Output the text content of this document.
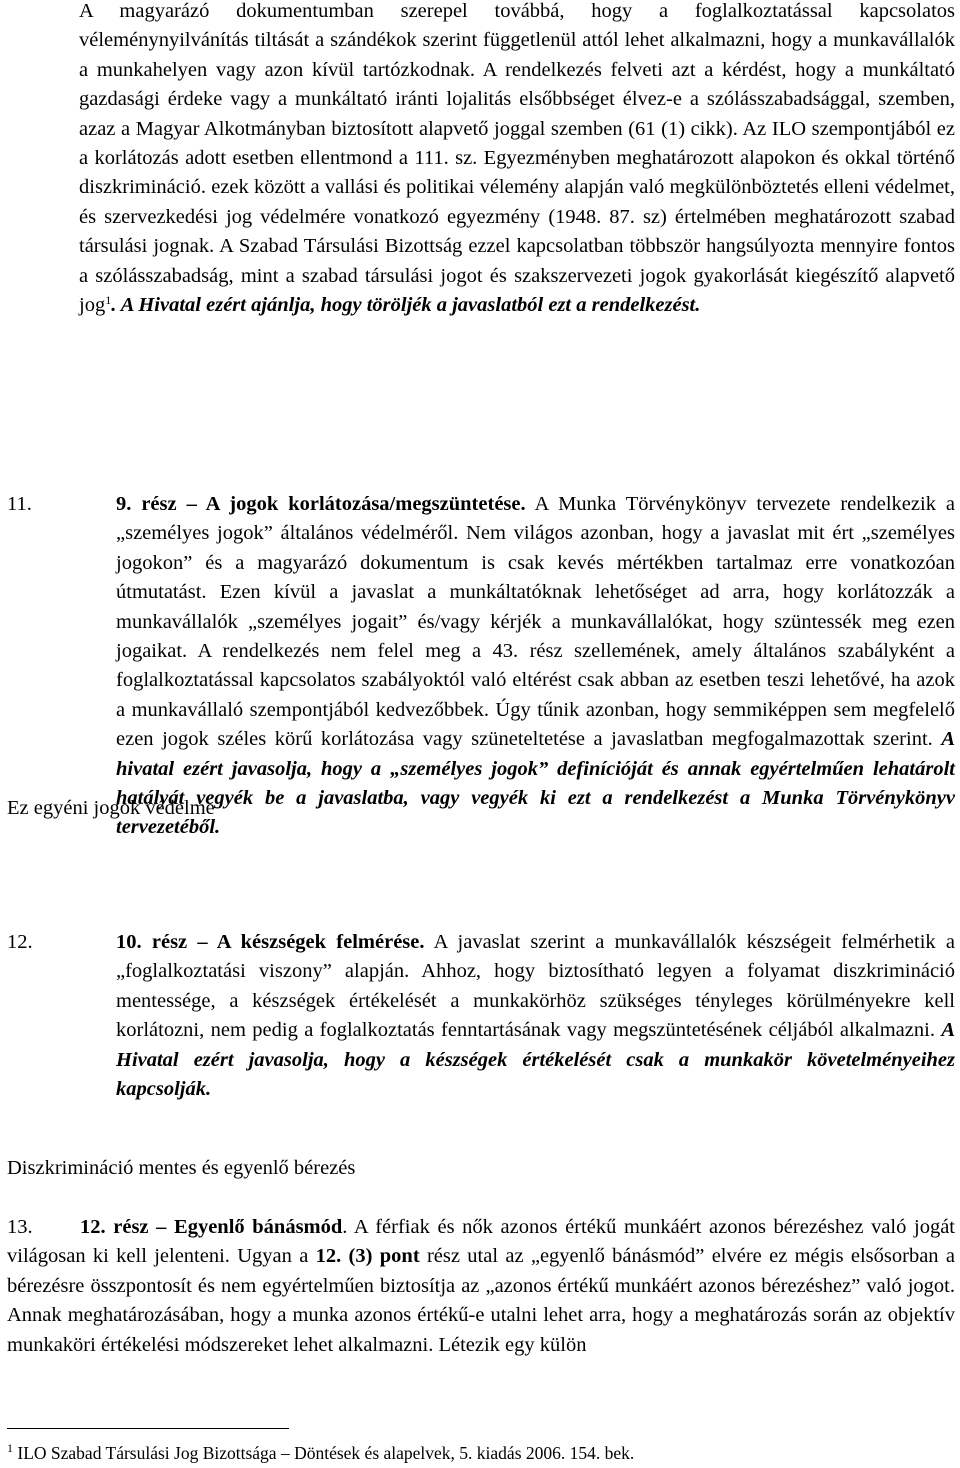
A magyarázó dokumentumban szerepel továbbá, hogy a foglalkoztatással kapcsolatos véleménynyilvánítás tiltását a szándékok szerint függetlenül attól lehet alkalmazni, hogy a munkavállalók a munkahelyen vagy azon kívül tartózkodnak. A rendelkezés felveti azt a kérdést, hogy a munkáltató gazdasági érdeke vagy a munkáltató iránti lojalitás elsőbbséget élvez-e a szólásszabadsággal, szemben, azaz a Magyar Alkotmányban biztosított alapvető joggal szemben (61 (1) cikk). Az ILO szempontjából ez a korlátozás adott esetben ellentmond a 111. sz. Egyezményben meghatározott alapokon és okkal történő diszkrimináció. ezek között a vallási és politikai vélemény alapján való megkülönböztetés elleni védelmet, és szervezkedési jog védelmére vonatkozó egyezmény (1948. 87. sz) értelmében meghatározott szabad társulási jognak. A Szabad Társulási Bizottság ezzel kapcsolatban többször hangsúlyozta mennyire fontos a szólásszabadság, mint a szabad társulási jogot és szakszervezeti jogok gyakorlását kiegészítő alapvető jog$^1$. A Hivatal ezért ajánlja, hogy töröljék a javaslatból ezt a rendelkezést.

Ez egyéni jogok védelme
11.	9. rész – A jogok korlátozása/megszüntetése. A Munka Törvénykönyv tervezete rendelkezik a „személyes jogok” általános védelméről. Nem világos azonban, hogy a javaslat mit ért „személyes jogokon” és a magyarázó dokumentum is csak kevés mértékben tartalmaz erre vonatkozóan útmutatást. Ezen kívül a javaslat a munkáltatóknak lehetőséget ad arra, hogy korlátozzák a munkavállalók „személyes jogait” és/vagy kérjék a munkavállalókat, hogy szüntessék meg ezen jogaikat. A rendelkezés nem felel meg a 43. rész szellemének, amely általános szabályként a foglalkoztatással kapcsolatos szabályoktól való eltérést csak abban az esetben teszi lehetővé, ha azok a munkavállaló szempontjából kedvezőbbek. Úgy tűnik azonban, hogy semmiképpen sem megfelelő ezen jogok széles körű korlátozása vagy szüneteltetése a javaslatban megfogalmazottak szerint. A hivatal ezért javasolja, hogy a „személyes jogok” definícióját és annak egyértelműen lehatárolt hatályát vegyék be a javaslatba, vagy vegyék ki ezt a rendelkezést a Munka Törvénykönyv tervezetéből.

12.	10. rész – A készségek felmérése. A javaslat szerint a munkavállalók készségeit felmérhetik a „foglalkoztatási viszony” alapján. Ahhoz, hogy biztosítható legyen a folyamat diszkrimináció mentessége, a készségek értékelését a munkakörhöz szükséges tényleges körülményekre kell korlátozni, nem pedig a foglalkoztatás fenntartásának vagy megszüntetésének céljából alkalmazni. A Hivatal ezért javasolja, hogy a készségek értékelését csak a munkakör követelményeihez kapcsolják.

Diszkrimináció mentes és egyenlő bérezés

13. 12. rész – Egyenlő bánásmód. A férfiak és nők azonos értékű munkáért azonos bérezéshez való jogát világosan ki kell jelenteni. Ugyan a 12. (3) pont rész utal az „egyenlő bánásmód” elvére ez mégis elsősorban a bérezésre összpontosít és nem egyértelműen biztosítja az „azonos értékű munkáért azonos bérezéshez” való jogot. Annak meghatározásában, hogy a munka azonos értékű-e utalni lehet arra, hogy a meghatározás során az objektív munkaköri értékelési módszereket lehet alkalmazni. Létezik egy külön

$^1$ ILO Szabad Társulási Jog Bizottsága – Döntések és alapelvek, 5. kiadás 2006. 154. bek.
